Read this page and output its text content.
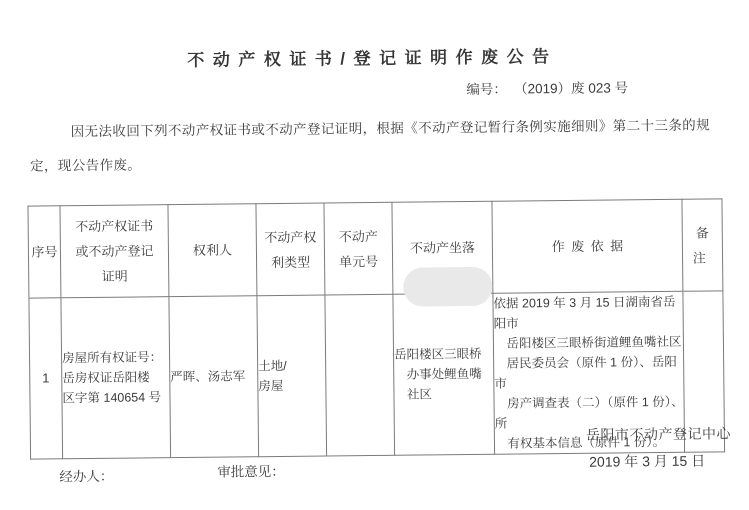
不动产权证书/登记证明作废公告
编号： （2019）废 023 号

因无法收回下列不动产权证书或不动产登记证明，根据《不动产登记暂行条例实施细则》第二十三条的规
定，现公告作废。

序号	不动产权证书
或不动产登记
证明	权利人	不动产权
利类型	不动产
单元号	不动产坐落	作废依据	备注
1	房屋所有权证号：
岳房权证岳阳楼
区字第 140654 号	严晖、汤志军	土地/
房屋		岳阳楼区三眼桥
　办事处鲤鱼嘴
　社区	依据 2019 年 3 月 15 日湖南省岳阳市
　岳阳楼区三眼桥街道鲤鱼嘴社区
　居民委员会（原件 1 份）、岳阳市
　房产调查表（二）（原件 1 份）、所
　有权基本信息（原件 1 份）。	
岳阳市不动产登记中心
2019 年 3 月 15 日
经办人：	审批意见：
